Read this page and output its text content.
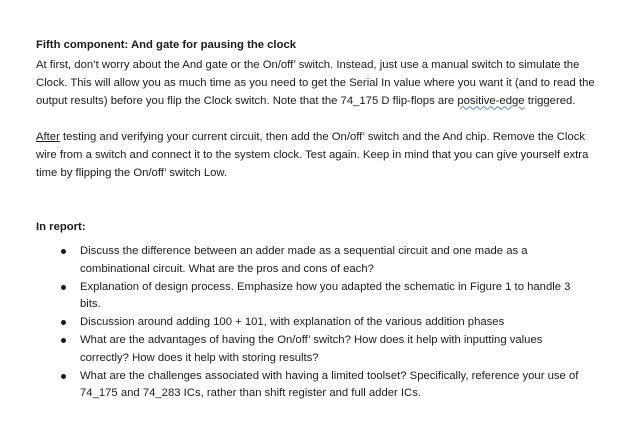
Fifth component: And gate for pausing the clock

At first, don’t worry about the And gate or the On/off’ switch. Instead, just use a manual switch to simulate the Clock. This will allow you as much time as you need to get the Serial In value where you want it (and to read the output results) before you flip the Clock switch. Note that the 74_175 D flip-flops are positive-edge triggered.

After testing and verifying your current circuit, then add the On/off’ switch and the And chip. Remove the Clock wire from a switch and connect it to the system clock. Test again. Keep in mind that you can give yourself extra time by flipping the On/off’ switch Low.

In report:
Discuss the difference between an adder made as a sequential circuit and one made as a combinational circuit. What are the pros and cons of each?
Explanation of design process. Emphasize how you adapted the schematic in Figure 1 to handle 3 bits.
Discussion around adding 100 + 101, with explanation of the various addition phases
What are the advantages of having the On/off’ switch? How does it help with inputting values correctly? How does it help with storing results?
What are the challenges associated with having a limited toolset? Specifically, reference your use of 74_175 and 74_283 ICs, rather than shift register and full adder ICs.
